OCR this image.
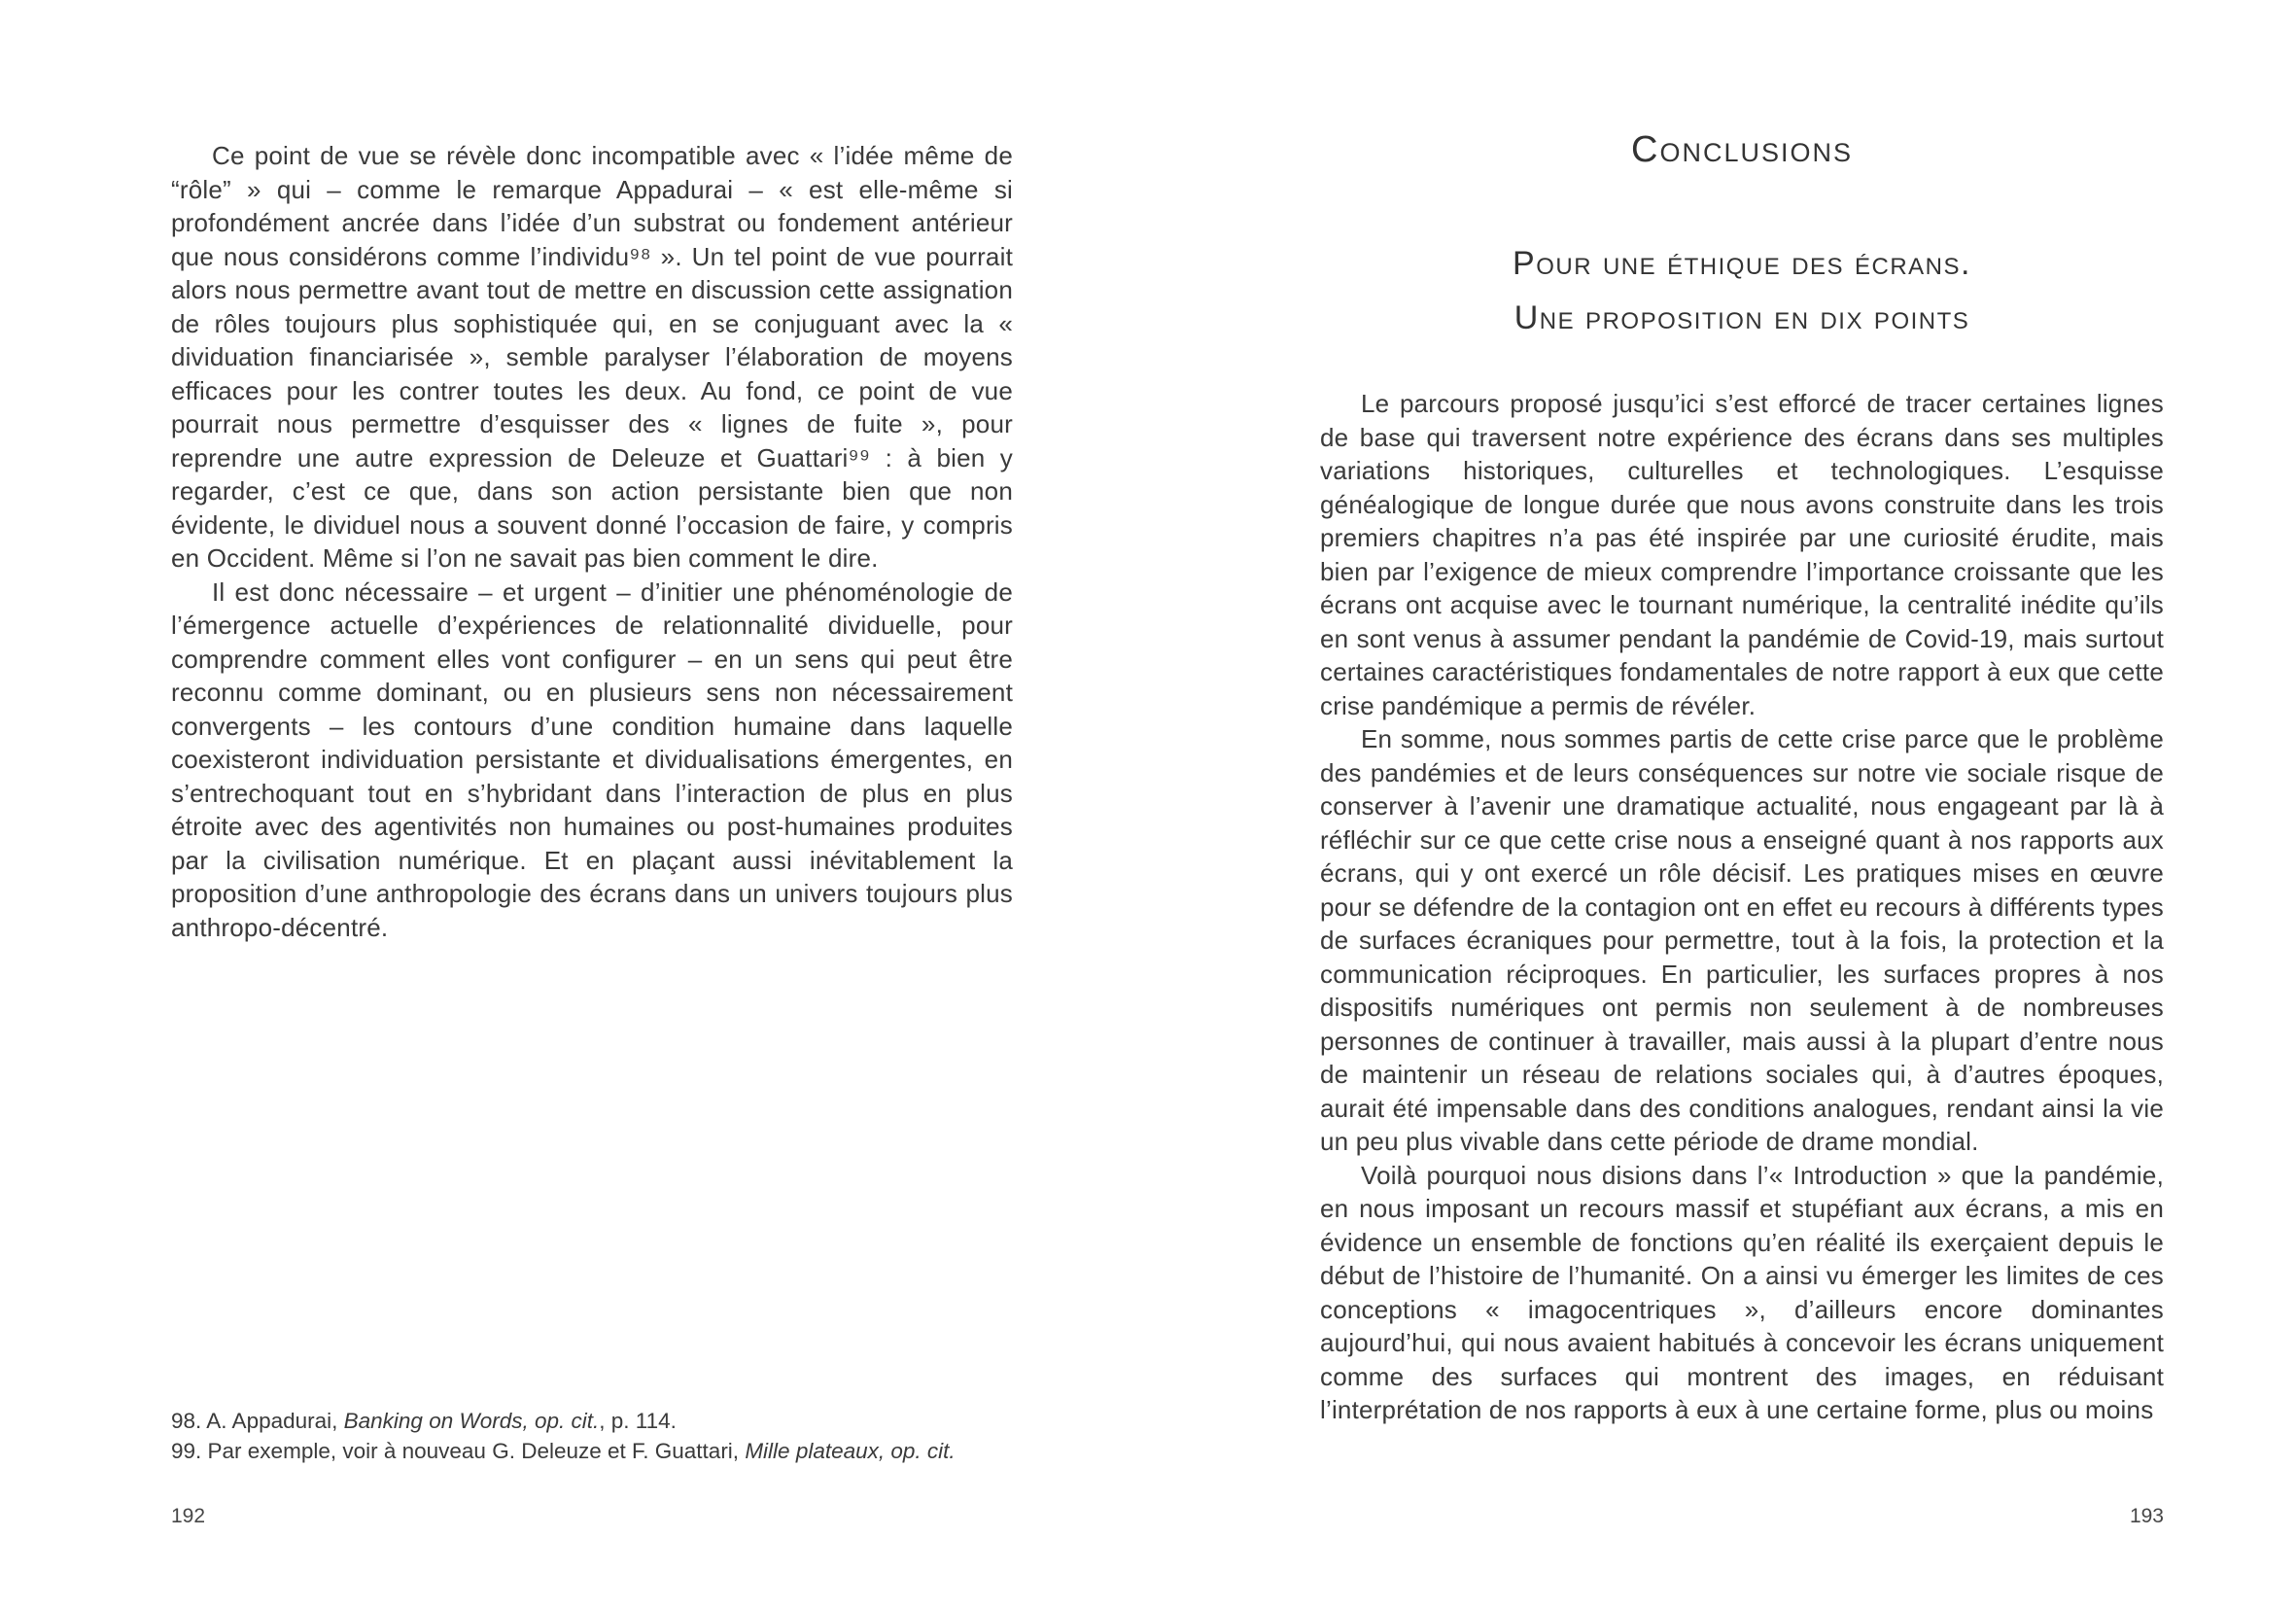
Ce point de vue se révèle donc incompatible avec « l’idée même de “rôle” » qui – comme le remarque Appadurai – « est elle-même si profondément ancrée dans l’idée d’un substrat ou fondement antérieur que nous considérons comme l’individu⁹⁸ ». Un tel point de vue pourrait alors nous permettre avant tout de mettre en discussion cette assignation de rôles toujours plus sophistiquée qui, en se conjuguant avec la « dividuation financiarisée », semble paralyser l’élaboration de moyens efficaces pour les contrer toutes les deux. Au fond, ce point de vue pourrait nous permettre d’esquisser des « lignes de fuite », pour reprendre une autre expression de Deleuze et Guattari⁹⁹ : à bien y regarder, c’est ce que, dans son action persistante bien que non évidente, le dividuel nous a souvent donné l’occasion de faire, y compris en Occident. Même si l’on ne savait pas bien comment le dire.

Il est donc nécessaire – et urgent – d’initier une phénoménologie de l’émergence actuelle d’expériences de relationnalité dividuelle, pour comprendre comment elles vont configurer – en un sens qui peut être reconnu comme dominant, ou en plusieurs sens non nécessairement convergents – les contours d’une condition humaine dans laquelle coexisteront individuation persistante et dividualisations émergentes, en s’entrechoquant tout en s’hybridant dans l’interaction de plus en plus étroite avec des agentivités non humaines ou post-humaines produites par la civilisation numérique. Et en plaçant aussi inévitablement la proposition d’une anthropologie des écrans dans un univers toujours plus anthropo-décentré.

98. A. Appadurai, Banking on Words, op. cit., p. 114.

99. Par exemple, voir à nouveau G. Deleuze et F. Guattari, Mille plateaux, op. cit.

192
Conclusions
Pour une éthique des écrans.
Une proposition en dix points

Le parcours proposé jusqu’ici s’est efforcé de tracer certaines lignes de base qui traversent notre expérience des écrans dans ses multiples variations historiques, culturelles et technologiques. L’esquisse généalogique de longue durée que nous avons construite dans les trois premiers chapitres n’a pas été inspirée par une curiosité érudite, mais bien par l’exigence de mieux comprendre l’importance croissante que les écrans ont acquise avec le tournant numérique, la centralité inédite qu’ils en sont venus à assumer pendant la pandémie de Covid-19, mais surtout certaines caractéristiques fondamentales de notre rapport à eux que cette crise pandémique a permis de révéler.

En somme, nous sommes partis de cette crise parce que le problème des pandémies et de leurs conséquences sur notre vie sociale risque de conserver à l’avenir une dramatique actualité, nous engageant par là à réfléchir sur ce que cette crise nous a enseigné quant à nos rapports aux écrans, qui y ont exercé un rôle décisif. Les pratiques mises en œuvre pour se défendre de la contagion ont en effet eu recours à différents types de surfaces écraniques pour permettre, tout à la fois, la protection et la communication réciproques. En particulier, les surfaces propres à nos dispositifs numériques ont permis non seulement à de nombreuses personnes de continuer à travailler, mais aussi à la plupart d’entre nous de maintenir un réseau de relations sociales qui, à d’autres époques, aurait été impensable dans des conditions analogues, rendant ainsi la vie un peu plus vivable dans cette période de drame mondial.

Voilà pourquoi nous disions dans l’« Introduction » que la pandémie, en nous imposant un recours massif et stupéfiant aux écrans, a mis en évidence un ensemble de fonctions qu’en réalité ils exerçaient depuis le début de l’histoire de l’humanité. On a ainsi vu émerger les limites de ces conceptions « imagocentriques », d’ailleurs encore dominantes aujourd’hui, qui nous avaient habitués à concevoir les écrans uniquement comme des surfaces qui montrent des images, en réduisant l’interprétation de nos rapports à eux à une certaine forme, plus ou moins

193
